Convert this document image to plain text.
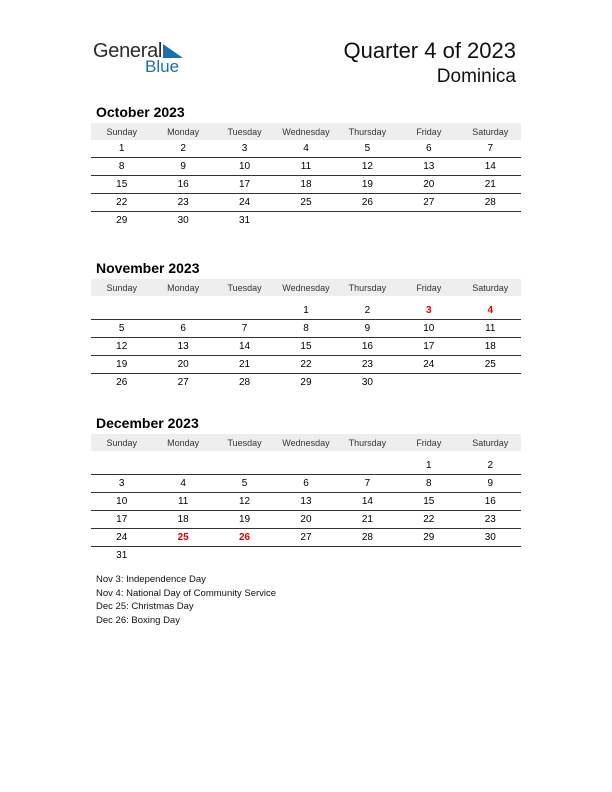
General
Blue
Quarter 4 of 2023
Dominica
October 2023
Sunday	Monday	Tuesday	Wednesday	Thursday	Friday	Saturday
1	2	3	4	5	6	7
8	9	10	11	12	13	14
15	16	17	18	19	20	21
22	23	24	25	26	27	28
29	30	31				
November 2023
Sunday	Monday	Tuesday	Wednesday	Thursday	Friday	Saturday

			1	2	3	4
5	6	7	8	9	10	11
12	13	14	15	16	17	18
19	20	21	22	23	24	25
26	27	28	29	30		
December 2023
Sunday	Monday	Tuesday	Wednesday	Thursday	Friday	Saturday

					1	2
3	4	5	6	7	8	9
10	11	12	13	14	15	16
17	18	19	20	21	22	23
24	25	26	27	28	29	30
31						
Nov 3: Independence Day
Nov 4: National Day of Community Service
Dec 25: Christmas Day
Dec 26: Boxing Day
